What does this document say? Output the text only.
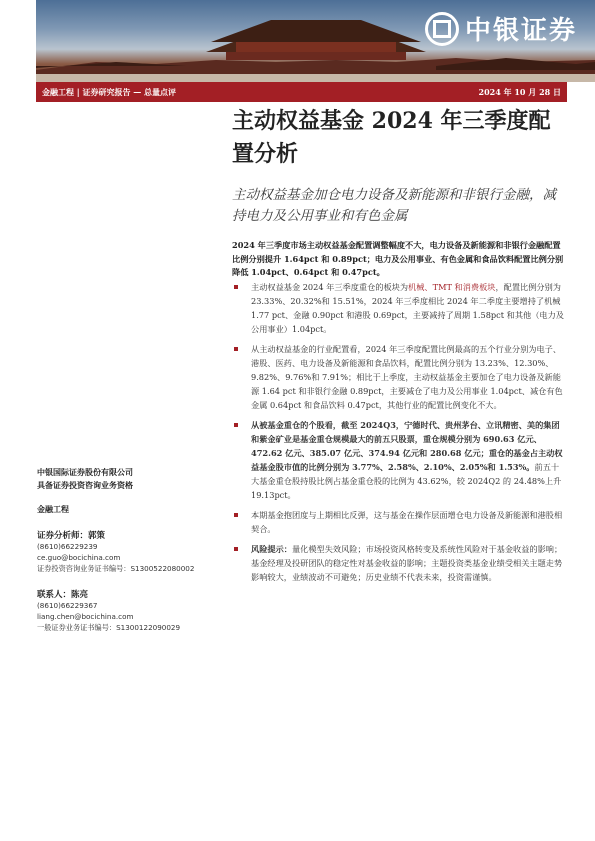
中银证券
金融工程 | 证券研究报告 — 总量点评	2024 年 10 月 28 日
主动权益基金 2024 年三季度配置分析
主动权益基金加仓电力设备及新能源和非银行金融，减持电力及公用事业和有色金属
2024 年三季度市场主动权益基金配置调整幅度不大，电力设备及新能源和非银行金融配置比例分别提升 1.64pct 和 0.89pct；电力及公用事业、有色金属和食品饮料配置比例分别降低 1.04pct、0.64pct 和 0.47pct。
主动权益基金 2024 年三季度重仓的板块为机械、TMT 和消费板块，配置比例分别为 23.33%、20.32%和 15.51%，2024 年三季度相比 2024 年二季度主要增持了机械 1.77 pct、金融 0.90pct 和港股 0.69pct，主要减持了周期 1.58pct 和其他（电力及公用事业）1.04pct。
从主动权益基金的行业配置看，2024 年三季度配置比例最高的五个行业分别为电子、港股、医药、电力设备及新能源和食品饮料，配置比例分别为 13.23%、12.30%、9.82%、9.76%和 7.91%；相比于上季度，主动权益基金主要加仓了电力设备及新能源 1.64 pct 和非银行金融 0.89pct，主要减仓了电力及公用事业 1.04pct、减仓有色金属 0.64pct 和食品饮料 0.47pct，其他行业的配置比例变化不大。
从被基金重仓的个股看，截至 2024Q3，宁德时代、贵州茅台、立讯精密、美的集团和紫金矿业是基金重仓规模最大的前五只股票，重仓规模分别为 690.63 亿元、472.62 亿元、385.07 亿元、374.94 亿元和 280.68 亿元；重仓的基金占主动权益基金股市值的比例分别为 3.77%、2.58%、2.10%、2.05%和 1.53%。前五十大基金重仓股持股比例占基金重仓股的比例为 43.62%，较 2024Q2 的 24.48%上升 19.13pct。
本期基金抱团度与上期相比反弹，这与基金在操作层面增仓电力设备及新能源和港股相契合。
风险提示：量化模型失效风险；市场投资风格转变及系统性风险对于基金收益的影响；基金经理及投研团队的稳定性对基金收益的影响；主题投资类基金业绩受相关主题走势影响较大，业绩波动不可避免；历史业绩不代表未来，投资需谨慎。
中银国际证券股份有限公司
具备证券投资咨询业务资格
金融工程
证券分析师：郭策
(8610)66229239
ce.guo@bocichina.com
证券投资咨询业务证书编号：S1300522080002
联系人：陈亮
(8610)66229367
liang.chen@bocichina.com
一般证券业务证书编号：S1300122090029
